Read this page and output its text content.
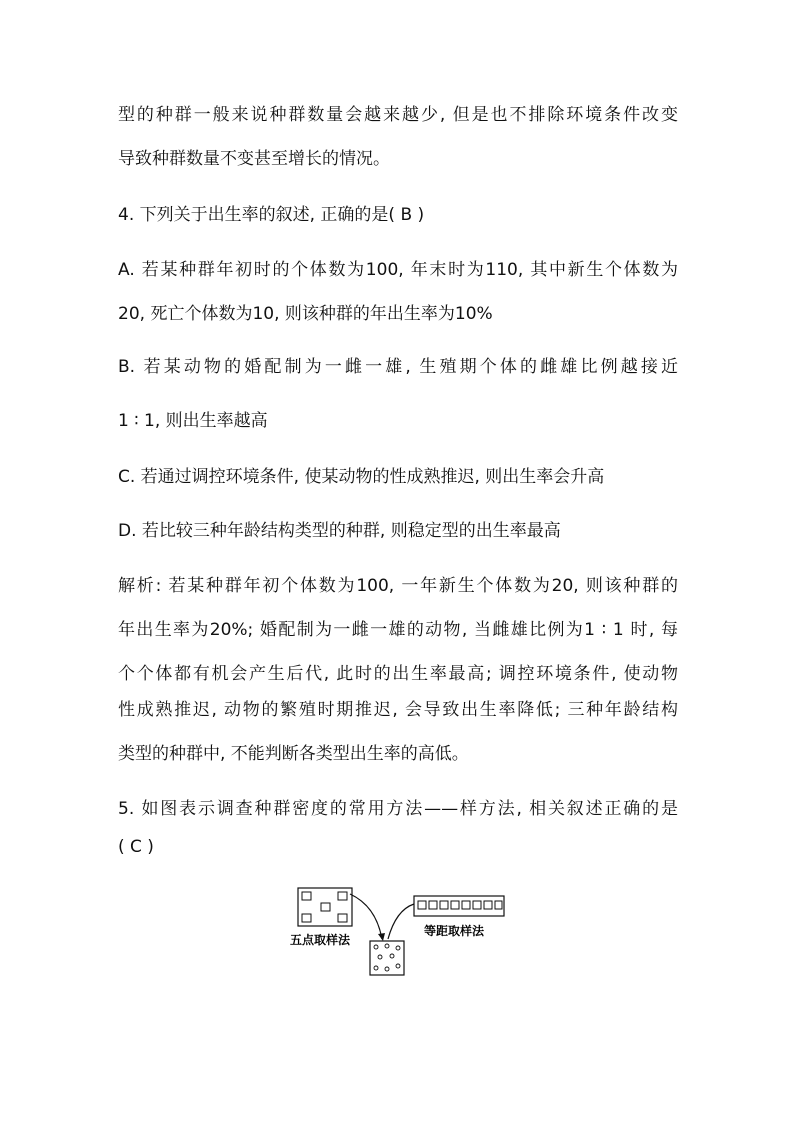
型的种群一般来说种群数量会越来越少, 但是也不排除环境条件改变
导致种群数量不变甚至增长的情况。
4. 下列关于出生率的叙述, 正确的是( B )
A. 若某种群年初时的个体数为100, 年末时为110, 其中新生个体数为
20, 死亡个体数为10, 则该种群的年出生率为10%
B. 若某动物的婚配制为一雌一雄, 生殖期个体的雌雄比例越接近
1 ∶ 1, 则出生率越高
C. 若通过调控环境条件, 使某动物的性成熟推迟, 则出生率会升高
D. 若比较三种年龄结构类型的种群, 则稳定型的出生率最高
解析: 若某种群年初个体数为100, 一年新生个体数为20, 则该种群的
年出生率为20%; 婚配制为一雌一雄的动物, 当雌雄比例为1 ∶ 1 时, 每
个个体都有机会产生后代, 此时的出生率最高; 调控环境条件, 使动物
性成熟推迟, 动物的繁殖时期推迟, 会导致出生率降低; 三种年龄结构
类型的种群中, 不能判断各类型出生率的高低。
5. 如图表示调查种群密度的常用方法——样方法, 相关叙述正确的是
( C )
五点取样法
等距取样法
